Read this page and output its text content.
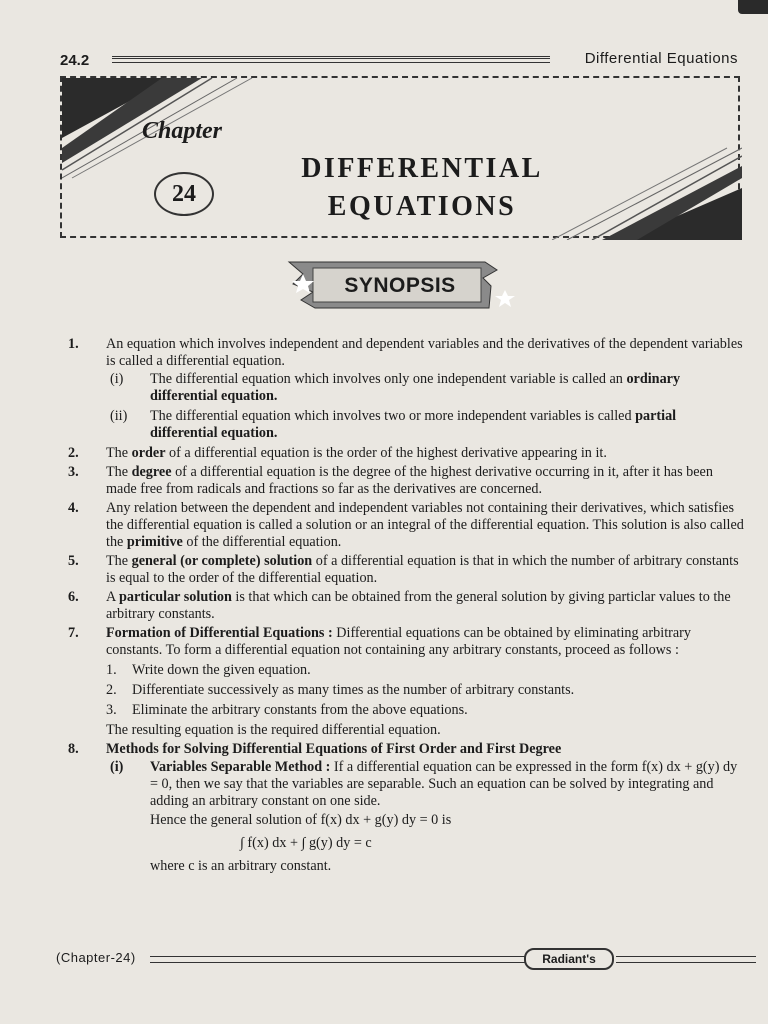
24.2	Differential Equations
Chapter
24
DIFFERENTIAL
EQUATIONS
SYNOPSIS
1. An equation which involves independent and dependent variables and the derivatives of the dependent variables is called a differential equation.
(i) The differential equation which involves only one independent variable is called an ordinary differential equation.
(ii) The differential equation which involves two or more independent variables is called partial differential equation.
2. The order of a differential equation is the order of the highest derivative appearing in it.
3. The degree of a differential equation is the degree of the highest derivative occurring in it, after it has been made free from radicals and fractions so far as the derivatives are concerned.
4. Any relation between the dependent and independent variables not containing their derivatives, which satisfies the differential equation is called a solution or an integral of the differential equation. This solution is also called the primitive of the differential equation.
5. The general (or complete) solution of a differential equation is that in which the number of arbitrary constants is equal to the order of the differential equation.
6. A particular solution is that which can be obtained from the general solution by giving particlar values to the arbitrary constants.
7. Formation of Differential Equations : Differential equations can be obtained by eliminating arbitrary constants. To form a differential equation not containing any arbitrary constants, proceed as follows :
1. Write down the given equation.
2. Differentiate successively as many times as the number of arbitrary constants.
3. Eliminate the arbitrary constants from the above equations.
The resulting equation is the required differential equation.
8. Methods for Solving Differential Equations of First Order and First Degree
(i) Variables Separable Method : If a differential equation can be expressed in the form f(x) dx + g(y) dy = 0, then we say that the variables are separable. Such an equation can be solved by integrating and adding an arbitrary constant on one side.
Hence the general solution of f(x) dx + g(y) dy = 0 is
∫ f(x) dx + ∫ g(y) dy = c
where c is an arbitrary constant.
(Chapter-24)	Radiant's
